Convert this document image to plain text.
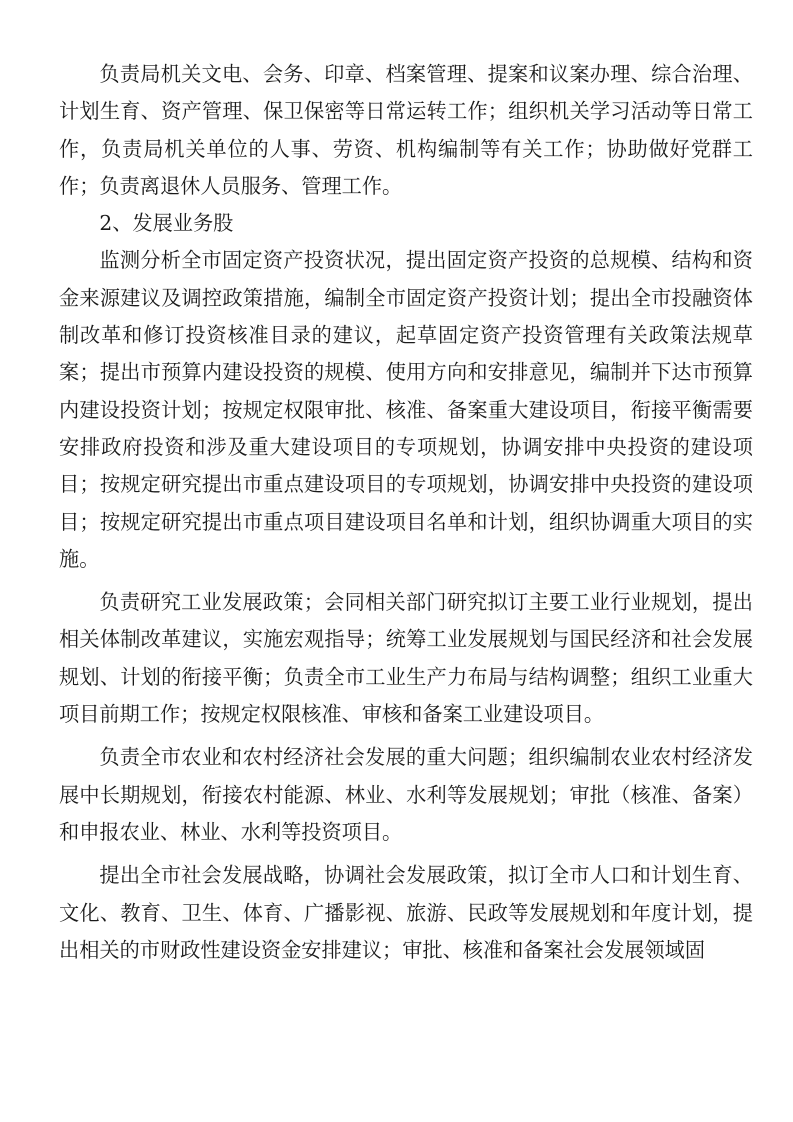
负责局机关文电、会务、印章、档案管理、提案和议案办理、综合治理、计划生育、资产管理、保卫保密等日常运转工作；组织机关学习活动等日常工作，负责局机关单位的人事、劳资、机构编制等有关工作；协助做好党群工作；负责离退休人员服务、管理工作。

2、发展业务股

监测分析全市固定资产投资状况，提出固定资产投资的总规模、结构和资金来源建议及调控政策措施，编制全市固定资产投资计划；提出全市投融资体制改革和修订投资核准目录的建议，起草固定资产投资管理有关政策法规草案；提出市预算内建设投资的规模、使用方向和安排意见，编制并下达市预算内建设投资计划；按规定权限审批、核准、备案重大建设项目，衔接平衡需要安排政府投资和涉及重大建设项目的专项规划，协调安排中央投资的建设项目；按规定研究提出市重点建设项目的专项规划，协调安排中央投资的建设项目；按规定研究提出市重点项目建设项目名单和计划，组织协调重大项目的实施。

负责研究工业发展政策；会同相关部门研究拟订主要工业行业规划，提出相关体制改革建议，实施宏观指导；统筹工业发展规划与国民经济和社会发展规划、计划的衔接平衡；负责全市工业生产力布局与结构调整；组织工业重大项目前期工作；按规定权限核准、审核和备案工业建设项目。

负责全市农业和农村经济社会发展的重大问题；组织编制农业农村经济发展中长期规划，衔接农村能源、林业、水利等发展规划；审批（核准、备案）和申报农业、林业、水利等投资项目。

提出全市社会发展战略，协调社会发展政策，拟订全市人口和计划生育、文化、教育、卫生、体育、广播影视、旅游、民政等发展规划和年度计划，提出相关的市财政性建设资金安排建议；审批、核准和备案社会发展领域固
